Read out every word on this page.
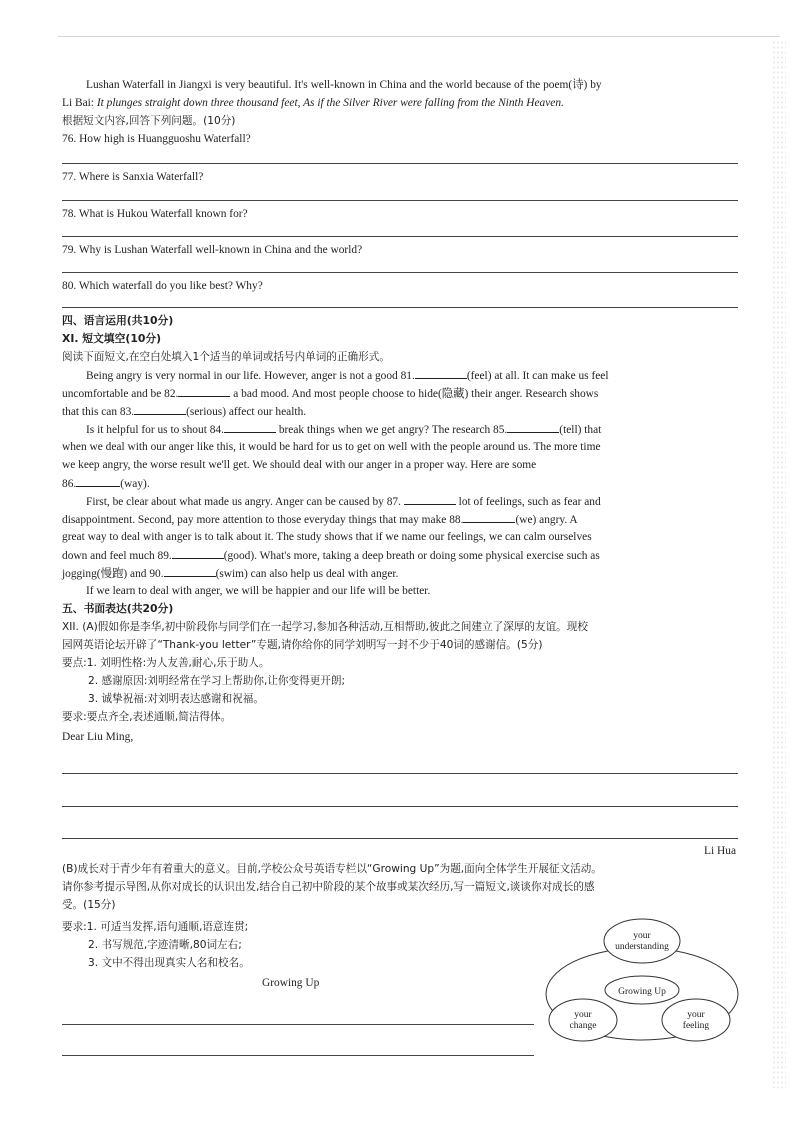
Lushan Waterfall in Jiangxi is very beautiful. It's well-known in China and the world because of the poem(诗) by
Li Bai: It plunges straight down three thousand feet, As if the Silver River were falling from the Ninth Heaven.
根据短文内容,回答下列问题。(10分)
76. How high is Huangguoshu Waterfall?
77. Where is Sanxia Waterfall?
78. What is Hukou Waterfall known for?
79. Why is Lushan Waterfall well-known in China and the world?
80. Which waterfall do you like best? Why?
四、语言运用(共10分)
XI. 短文填空(10分)
阅读下面短文,在空白处填入1个适当的单词或括号内单词的正确形式。
Being angry is very normal in our life. However, anger is not a good 81.	(feel) at all. It can make us feel
uncomfortable and be 82.	a bad mood. And most people choose to hide(隐藏) their anger. Research shows
that this can 83.	(serious) affect our health.
Is it helpful for us to shout 84.	break things when we get angry? The research 85.	(tell) that
when we deal with our anger like this, it would be hard for us to get on well with the people around us. The more time
we keep angry, the worse result we'll get. We should deal with our anger in a proper way. Here are some
86.	(way).
First, be clear about what made us angry. Anger can be caused by 87.	lot of feelings, such as fear and
disappointment. Second, pay more attention to those everyday things that may make 88.	(we) angry. A
great way to deal with anger is to talk about it. The study shows that if we name our feelings, we can calm ourselves
down and feel much 89.	(good). What's more, taking a deep breath or doing some physical exercise such as
jogging(慢跑) and 90.	(swim) can also help us deal with anger.
If we learn to deal with anger, we will be happier and our life will be better.
五、书面表达(共20分)
XII. (A)假如你是李华,初中阶段你与同学们在一起学习,参加各种活动,互相帮助,彼此之间建立了深厚的友谊。现校
园网英语论坛开辟了“Thank-you letter”专题,请你给你的同学刘明写一封不少于40词的感谢信。(5分)
要点:1. 刘明性格:为人友善,耐心,乐于助人。
2. 感谢原因:刘明经常在学习上帮助你,让你变得更开朗;
3. 诚挚祝福:对刘明表达感谢和祝福。
要求:要点齐全,表述通顺,简洁得体。
Dear Liu Ming,
Li Hua
(B)成长对于青少年有着重大的意义。目前,学校公众号英语专栏以“Growing Up”为题,面向全体学生开展征文活动。
请你参考提示导图,从你对成长的认识出发,结合自己初中阶段的某个故事或某次经历,写一篇短文,谈谈你对成长的感
受。(15分)
要求:1. 可适当发挥,语句通顺,语意连贯;
2. 书写规范,字迹清晰,80词左右;
3. 文中不得出现真实人名和校名。
Growing Up
your
understanding
Growing Up
your
change
your
feeling
